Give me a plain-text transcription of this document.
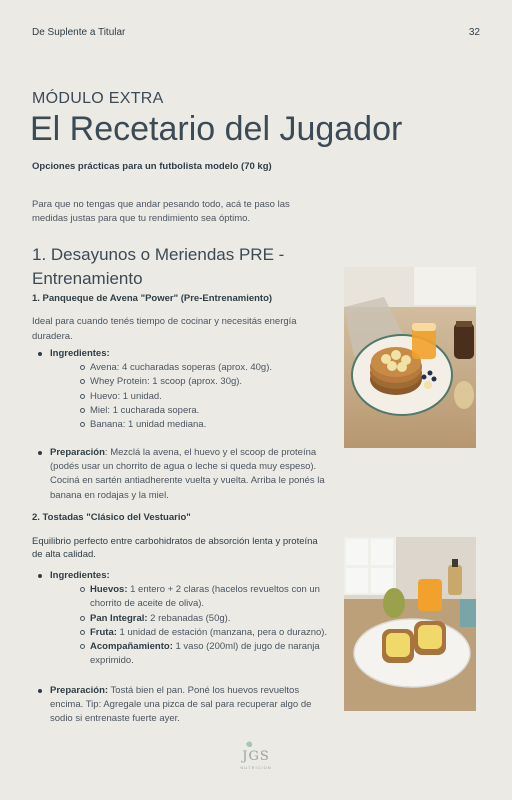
De Suplente a Titular	32
MÓDULO EXTRA
El Recetario del Jugador
Opciones prácticas para un futbolista modelo (70 kg)
Para que no tengas que andar pesando todo, acá te paso las medidas justas para que tu rendimiento sea óptimo.
1. Desayunos o Meriendas PRE - Entrenamiento
1. Panqueque de Avena "Power" (Pre-Entrenamiento)
Ideal para cuando tenés tiempo de cocinar y necesitás energía duradera.
Ingredientes:
Avena: 4 cucharadas soperas (aprox. 40g).
Whey Protein: 1 scoop (aprox. 30g).
Huevo: 1 unidad.
Miel: 1 cucharada sopera.
Banana: 1 unidad mediana.
Preparación: Mezclá la avena, el huevo y el scoop de proteína (podés usar un chorrito de agua o leche si queda muy espeso). Cociná en sartén antiadherente vuelta y vuelta. Arriba le ponés la banana en rodajas y la miel.
2. Tostadas "Clásico del Vestuario"
Equilibrio perfecto entre carbohidratos de absorción lenta y proteína de alta calidad.
Ingredientes:
Huevos: 1 entero + 2 claras (hacelos revueltos con un chorrito de aceite de oliva).
Pan Integral: 2 rebanadas (50g).
Fruta: 1 unidad de estación (manzana, pera o durazno).
Acompañamiento: 1 vaso (200ml) de jugo de naranja exprimido.
Preparación: Tostá bien el pan. Poné los huevos revueltos encima. Tip: Agregale una pizca de sal para recuperar algo de sodio si entrenaste fuerte ayer.
JGS
NUTRICION
